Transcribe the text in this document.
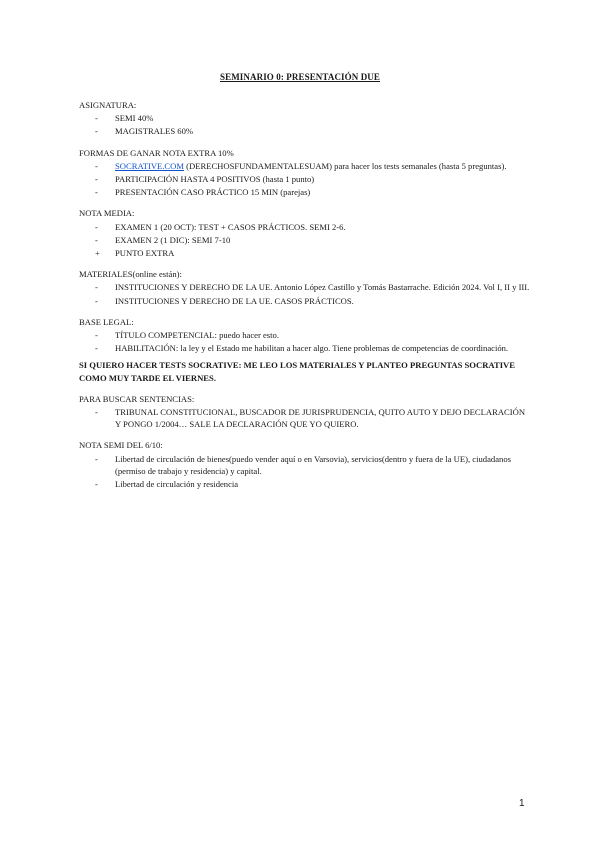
SEMINARIO 0: PRESENTACIÓN DUE
ASIGNATURA:
-	SEMI 40%
-	MAGISTRALES 60%
FORMAS DE GANAR NOTA EXTRA 10%
-	SOCRATIVE.COM (DERECHOSFUNDAMENTALESUAM) para hacer los tests semanales (hasta 5 preguntas).
-	PARTICIPACIÓN HASTA 4 POSITIVOS (hasta 1 punto)
-	PRESENTACIÓN CASO PRÁCTICO 15 MIN (parejas)
NOTA MEDIA:
-	EXAMEN 1 (20 OCT): TEST + CASOS PRÁCTICOS. SEMI 2-6.
-	EXAMEN 2 (1 DIC): SEMI 7-10
+	PUNTO EXTRA
MATERIALES(online están):
-	INSTITUCIONES Y DERECHO DE LA UE. Antonio López Castillo y Tomás Bastarrache. Edición 2024. Vol I, II y III.
-	INSTITUCIONES Y DERECHO DE LA UE. CASOS PRÁCTICOS.
BASE LEGAL:
-	TÍTULO COMPETENCIAL: puedo hacer esto.
-	HABILITACIÓN: la ley y el Estado me habilitan a hacer algo. Tiene problemas de competencias de coordinación.
SI QUIERO HACER TESTS SOCRATIVE: ME LEO LOS MATERIALES Y PLANTEO PREGUNTAS SOCRATIVE COMO MUY TARDE EL VIERNES.
PARA BUSCAR SENTENCIAS:
-	TRIBUNAL CONSTITUCIONAL, BUSCADOR DE JURISPRUDENCIA, QUITO AUTO Y DEJO DECLARACIÓN Y PONGO 1/2004… SALE LA DECLARACIÓN QUE YO QUIERO.
NOTA SEMI DEL 6/10:
-	Libertad de circulación de bienes(puedo vender aquí o en Varsovia), servicios(dentro y fuera de la UE), ciudadanos (permiso de trabajo y residencia) y capital.
-	Libertad de circulación y residencia
1
